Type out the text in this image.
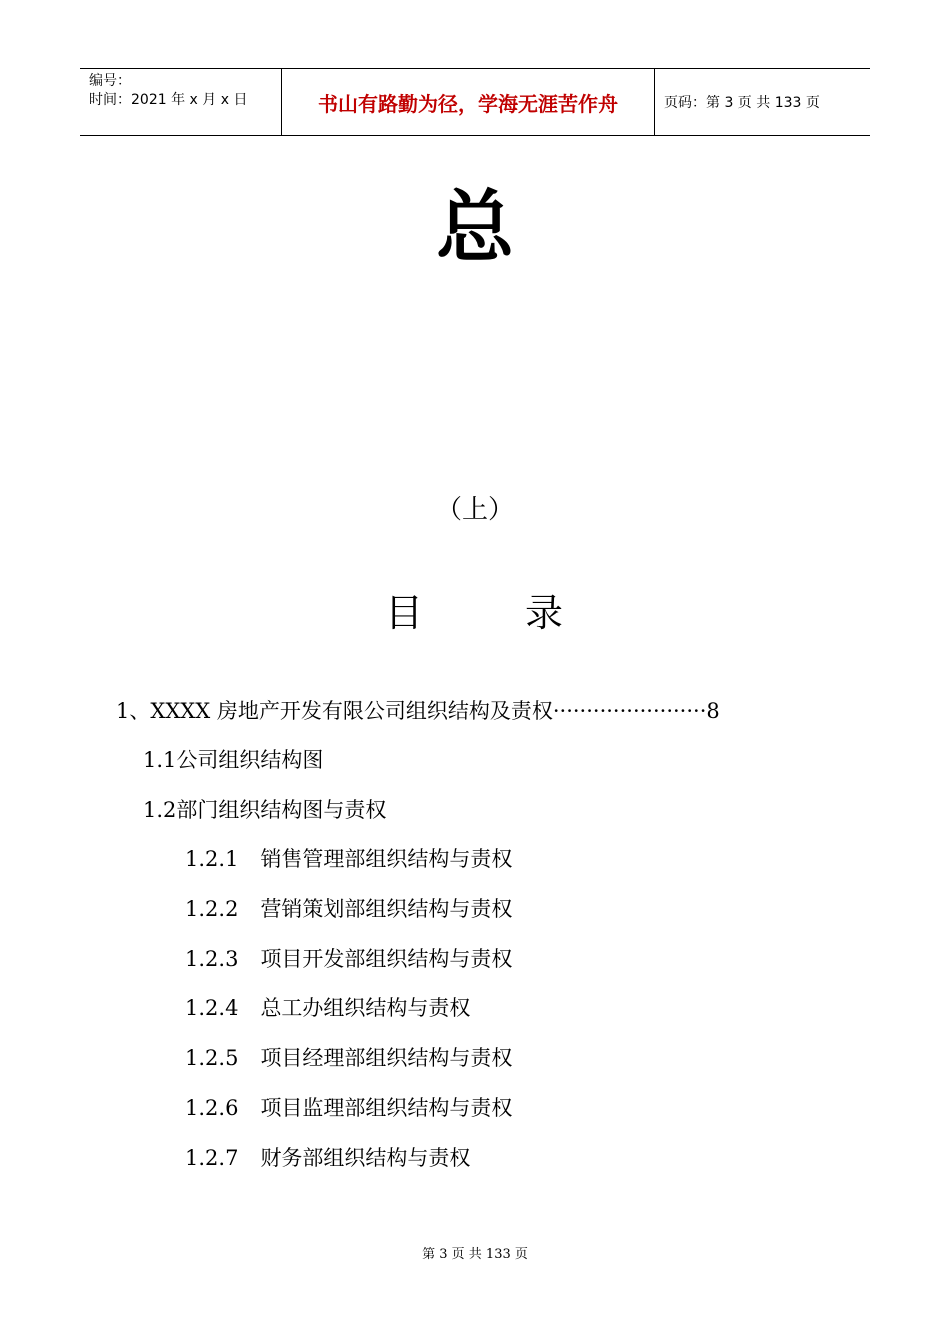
编号：
时间：2021 年 x 月 x 日	书山有路勤为径，学海无涯苦作舟	页码：第 3 页 共 133 页
总
（上）
目	录
1、XXXX 房地产开发有限公司组织结构及责权·······················8
1.1公司组织结构图
1.2部门组织结构图与责权
1.2.1 销售管理部组织结构与责权
1.2.2 营销策划部组织结构与责权
1.2.3 项目开发部组织结构与责权
1.2.4 总工办组织结构与责权
1.2.5 项目经理部组织结构与责权
1.2.6 项目监理部组织结构与责权
1.2.7 财务部组织结构与责权
第 3 页 共 133 页
